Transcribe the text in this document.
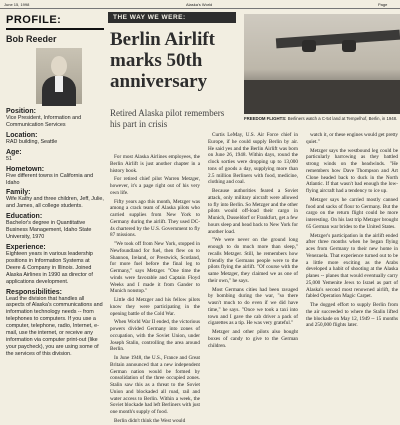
June 15, 1998	Alaska's World	Page
PROFILE:
Bob Reeder
Position:
Vice President, Information and Communication Services
Location:
RAD building, Seattle
Age:
51
Hometown:
Five different towns in California and Idaho
Family:
Wife Kathy and three children, Jeff, Julie, and James, all college students.
Education:
Bachelor's degree in Quantitative Business Management, Idaho State University, 1970
Experience:
Eighteen years in various leadership positions in Information Systems at Deere & Company in Illinois. Joined Alaska Airlines in 1990 as director of applications development.
Responsibilities:
Lead the division that handles all aspects of Alaska's communications and information technology needs -- from telephones to computers. If you use a computer, telephone, radio, Internet, e-mail, use the internet, or receive any information via computer print-out (like your paycheck), you are using some of the services of this division.
THE WAY WE WERE:
Berlin Airlift marks 50th anniversary
Retired Alaska pilot remembers his part in crisis
FREEDOM FLIGHTS: Berliners watch a C-54 land at Tempelhof, Berlin, in 1948.

For most Alaska Airlines employees, the Berlin Airlift is just another chapter in a history book.

For retired chief pilot Warren Metzger, however, it's a page right out of his very own life.

Fifty years ago this month, Metzger was among a crack team of Alaska pilots who carried supplies from New York to Germany during the airlift. They used DC-4s chartered by the U.S. Government to fly 87 missions.

"We took off from New York, stopped in Newfoundland for fuel, then flew on to Shannon, Ireland, or Prestwick, Scotland, for more fuel before the final leg to Germany," says Metzger. "One time the winds were favorable and Captain Floyd Weeks and I made it from Gander to Munich nonstop."

Little did Metzger and his fellow pilots know they were participating in the opening battle of the Cold War.

When World War II ended, the victorious powers divided Germany into zones of occupation, with the Soviet Union, under Joseph Stalin, controlling the area around Berlin.

In June 1948, the U.S., France and Great Britain announced that a new independent German nation would be formed by consolidation of the three occupied zones. Stalin saw this as a threat to the Soviet Union and blockaded all road, rail and water access to Berlin. Within a week, the Soviet blockade had left Berliners with just one month's supply of food.

Berlin didn't think the West would

Curtis LeMay, U.S. Air Force chief in Europe, if he could supply Berlin by air. He said yes and the Berlin Airlift was born on June 26, 1948. Within days, round the clock sorties were dropping up to 13,000 tons of goods a day, supplying more than 2.5 million Berliners with food, medicine, clothing and coal.

Because authorities feared a Soviet attack, only military aircraft were allowed to fly into Berlin. So Metzger and the other pilots would off-load their cargo in Munich, Dusseldorf or Frankfurt, get a few hours sleep and head back to New York for another load.

"We were never on the ground long enough to do much more than sleep," recalls Metzger. Still, he remembers how friendly the Germans people were to the pilots flying the airlift. "Of course with the same Metzger, they claimed we as one of their own," he says.

Most Germans cities had been ravaged by bombing during the war, "so there wasn't much to do even if we did have time," he says. "Once we took a taxi into town and I gave the cab driver a pack of cigarettes as a tip. He was very grateful."

Metzger and other pilots also bought boxes of candy to give to the German children.

watch it, or these engines would get pretty quiet."

Metzger says the westbound leg could be particularly harrowing as they battled strong winds on the headwinds. "He remembers how Dave Thompson and Art Clone headed back to duck in the North Atlantic. If that wasn't bad enough the low-flying aircraft had a tendency to ice up.

Metzger says he carried mostly canned food and sacks of flour to Germany. But the cargo on the return flight could be more interesting. On his last trip Metzger brought 65 German war brides to the United States.

Metzger's participation in the airlift ended after three months when he began flying aces from Germany to their new home in Venezuela. That experience turned out to be a little more exciting as the Arabs developed a habit of shooting at the Alaska planes -- planes that would eventually carry 25,000 Yemenite Jews to Israel as part of Alaska's second most renowned airlift, the fabled Operation Magic Carpet.

The dogged effort to supply Berlin from the air succeeded to where the Stalin lifted the blockade on May 12, 1949 -- 15 months and 250,000 flights later.
